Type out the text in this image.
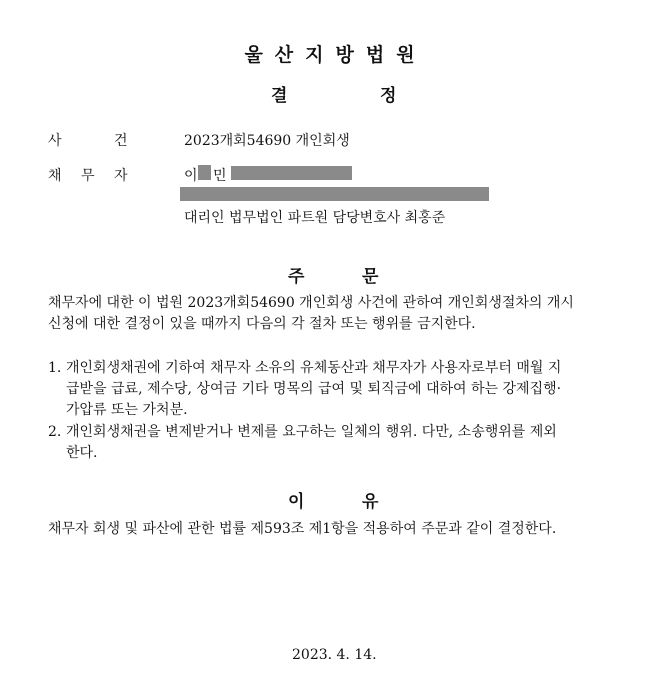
울산지방법원
결	정
사	건	2023개회54690 개인회생
채 무 자	이 민
대리인 법무법인 파트원 담당변호사 최홍준
주	문
채무자에 대한 이 법원 2023개회54690 개인회생 사건에 관하여 개인회생절차의 개시
신청에 대한 결정이 있을 때까지 다음의 각 절차 또는 행위를 금지한다.
1. 개인회생채권에 기하여 채무자 소유의 유체동산과 채무자가 사용자로부터 매월 지
급받을 급료, 제수당, 상여금 기타 명목의 급여 및 퇴직금에 대하여 하는 강제집행·
가압류 또는 가처분.
2. 개인회생채권을 변제받거나 변제를 요구하는 일체의 행위. 다만, 소송행위를 제외
한다.
이	유
채무자 회생 및 파산에 관한 법률 제593조 제1항을 적용하여 주문과 같이 결정한다.
2023. 4. 14.
